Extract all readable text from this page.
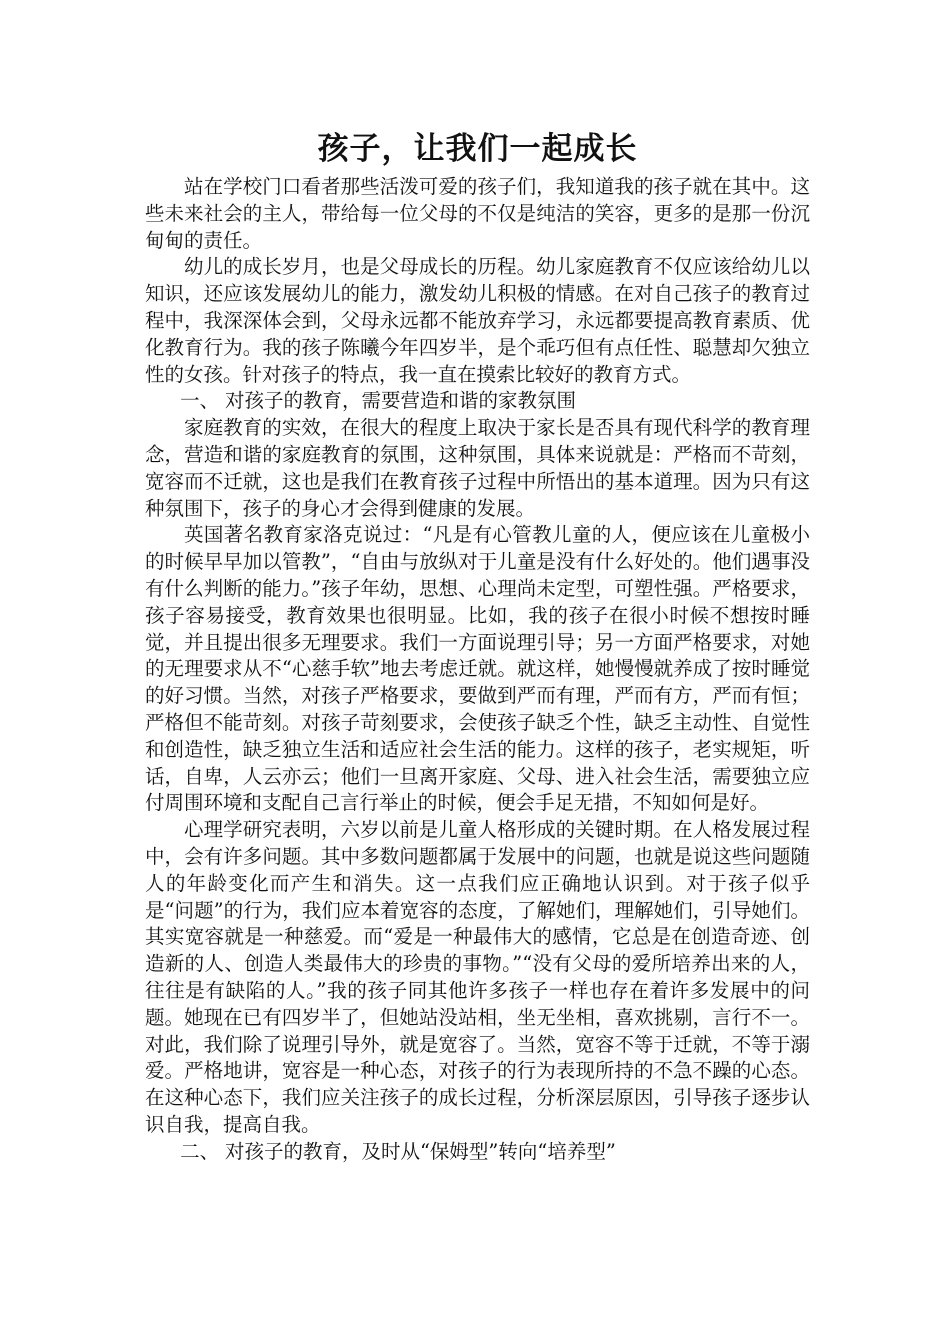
孩子，让我们一起成长

站在学校门口看者那些活泼可爱的孩子们，我知道我的孩子就在其中。这些未来社会的主人，带给每一位父母的不仅是纯洁的笑容，更多的是那一份沉甸甸的责任。

幼儿的成长岁月，也是父母成长的历程。幼儿家庭教育不仅应该给幼儿以知识，还应该发展幼儿的能力，激发幼儿积极的情感。在对自己孩子的教育过程中，我深深体会到，父母永远都不能放弃学习，永远都要提高教育素质、优化教育行为。我的孩子陈曦今年四岁半，是个乖巧但有点任性、聪慧却欠独立性的女孩。针对孩子的特点，我一直在摸索比较好的教育方式。

一、 对孩子的教育，需要营造和谐的家教氛围

家庭教育的实效，在很大的程度上取决于家长是否具有现代科学的教育理念，营造和谐的家庭教育的氛围，这种氛围，具体来说就是：严格而不苛刻，宽容而不迁就，这也是我们在教育孩子过程中所悟出的基本道理。因为只有这种氛围下，孩子的身心才会得到健康的发展。

英国著名教育家洛克说过：“凡是有心管教儿童的人，便应该在儿童极小的时候早早加以管教”，“自由与放纵对于儿童是没有什么好处的。他们遇事没有什么判断的能力。”孩子年幼，思想、心理尚未定型，可塑性强。严格要求，孩子容易接受，教育效果也很明显。比如，我的孩子在很小时候不想按时睡觉，并且提出很多无理要求。我们一方面说理引导；另一方面严格要求，对她的无理要求从不“心慈手软”地去考虑迁就。就这样，她慢慢就养成了按时睡觉的好习惯。当然，对孩子严格要求，要做到严而有理，严而有方，严而有恒；严格但不能苛刻。对孩子苛刻要求，会使孩子缺乏个性，缺乏主动性、自觉性和创造性，缺乏独立生活和适应社会生活的能力。这样的孩子，老实规矩，听话，自卑，人云亦云；他们一旦离开家庭、父母、进入社会生活，需要独立应付周围环境和支配自己言行举止的时候，便会手足无措，不知如何是好。

心理学研究表明，六岁以前是儿童人格形成的关键时期。在人格发展过程中，会有许多问题。其中多数问题都属于发展中的问题，也就是说这些问题随人的年龄变化而产生和消失。这一点我们应正确地认识到。对于孩子似乎是“问题”的行为，我们应本着宽容的态度，了解她们，理解她们，引导她们。其实宽容就是一种慈爱。而“爱是一种最伟大的感情，它总是在创造奇迹、创造新的人、创造人类最伟大的珍贵的事物。”“没有父母的爱所培养出来的人，往往是有缺陷的人。”我的孩子同其他许多孩子一样也存在着许多发展中的问题。她现在已有四岁半了，但她站没站相，坐无坐相，喜欢挑剔，言行不一。对此，我们除了说理引导外，就是宽容了。当然，宽容不等于迁就，不等于溺爱。严格地讲，宽容是一种心态，对孩子的行为表现所持的不急不躁的心态。在这种心态下，我们应关注孩子的成长过程，分析深层原因，引导孩子逐步认识自我，提高自我。

二、 对孩子的教育，及时从“保姆型”转向“培养型”
